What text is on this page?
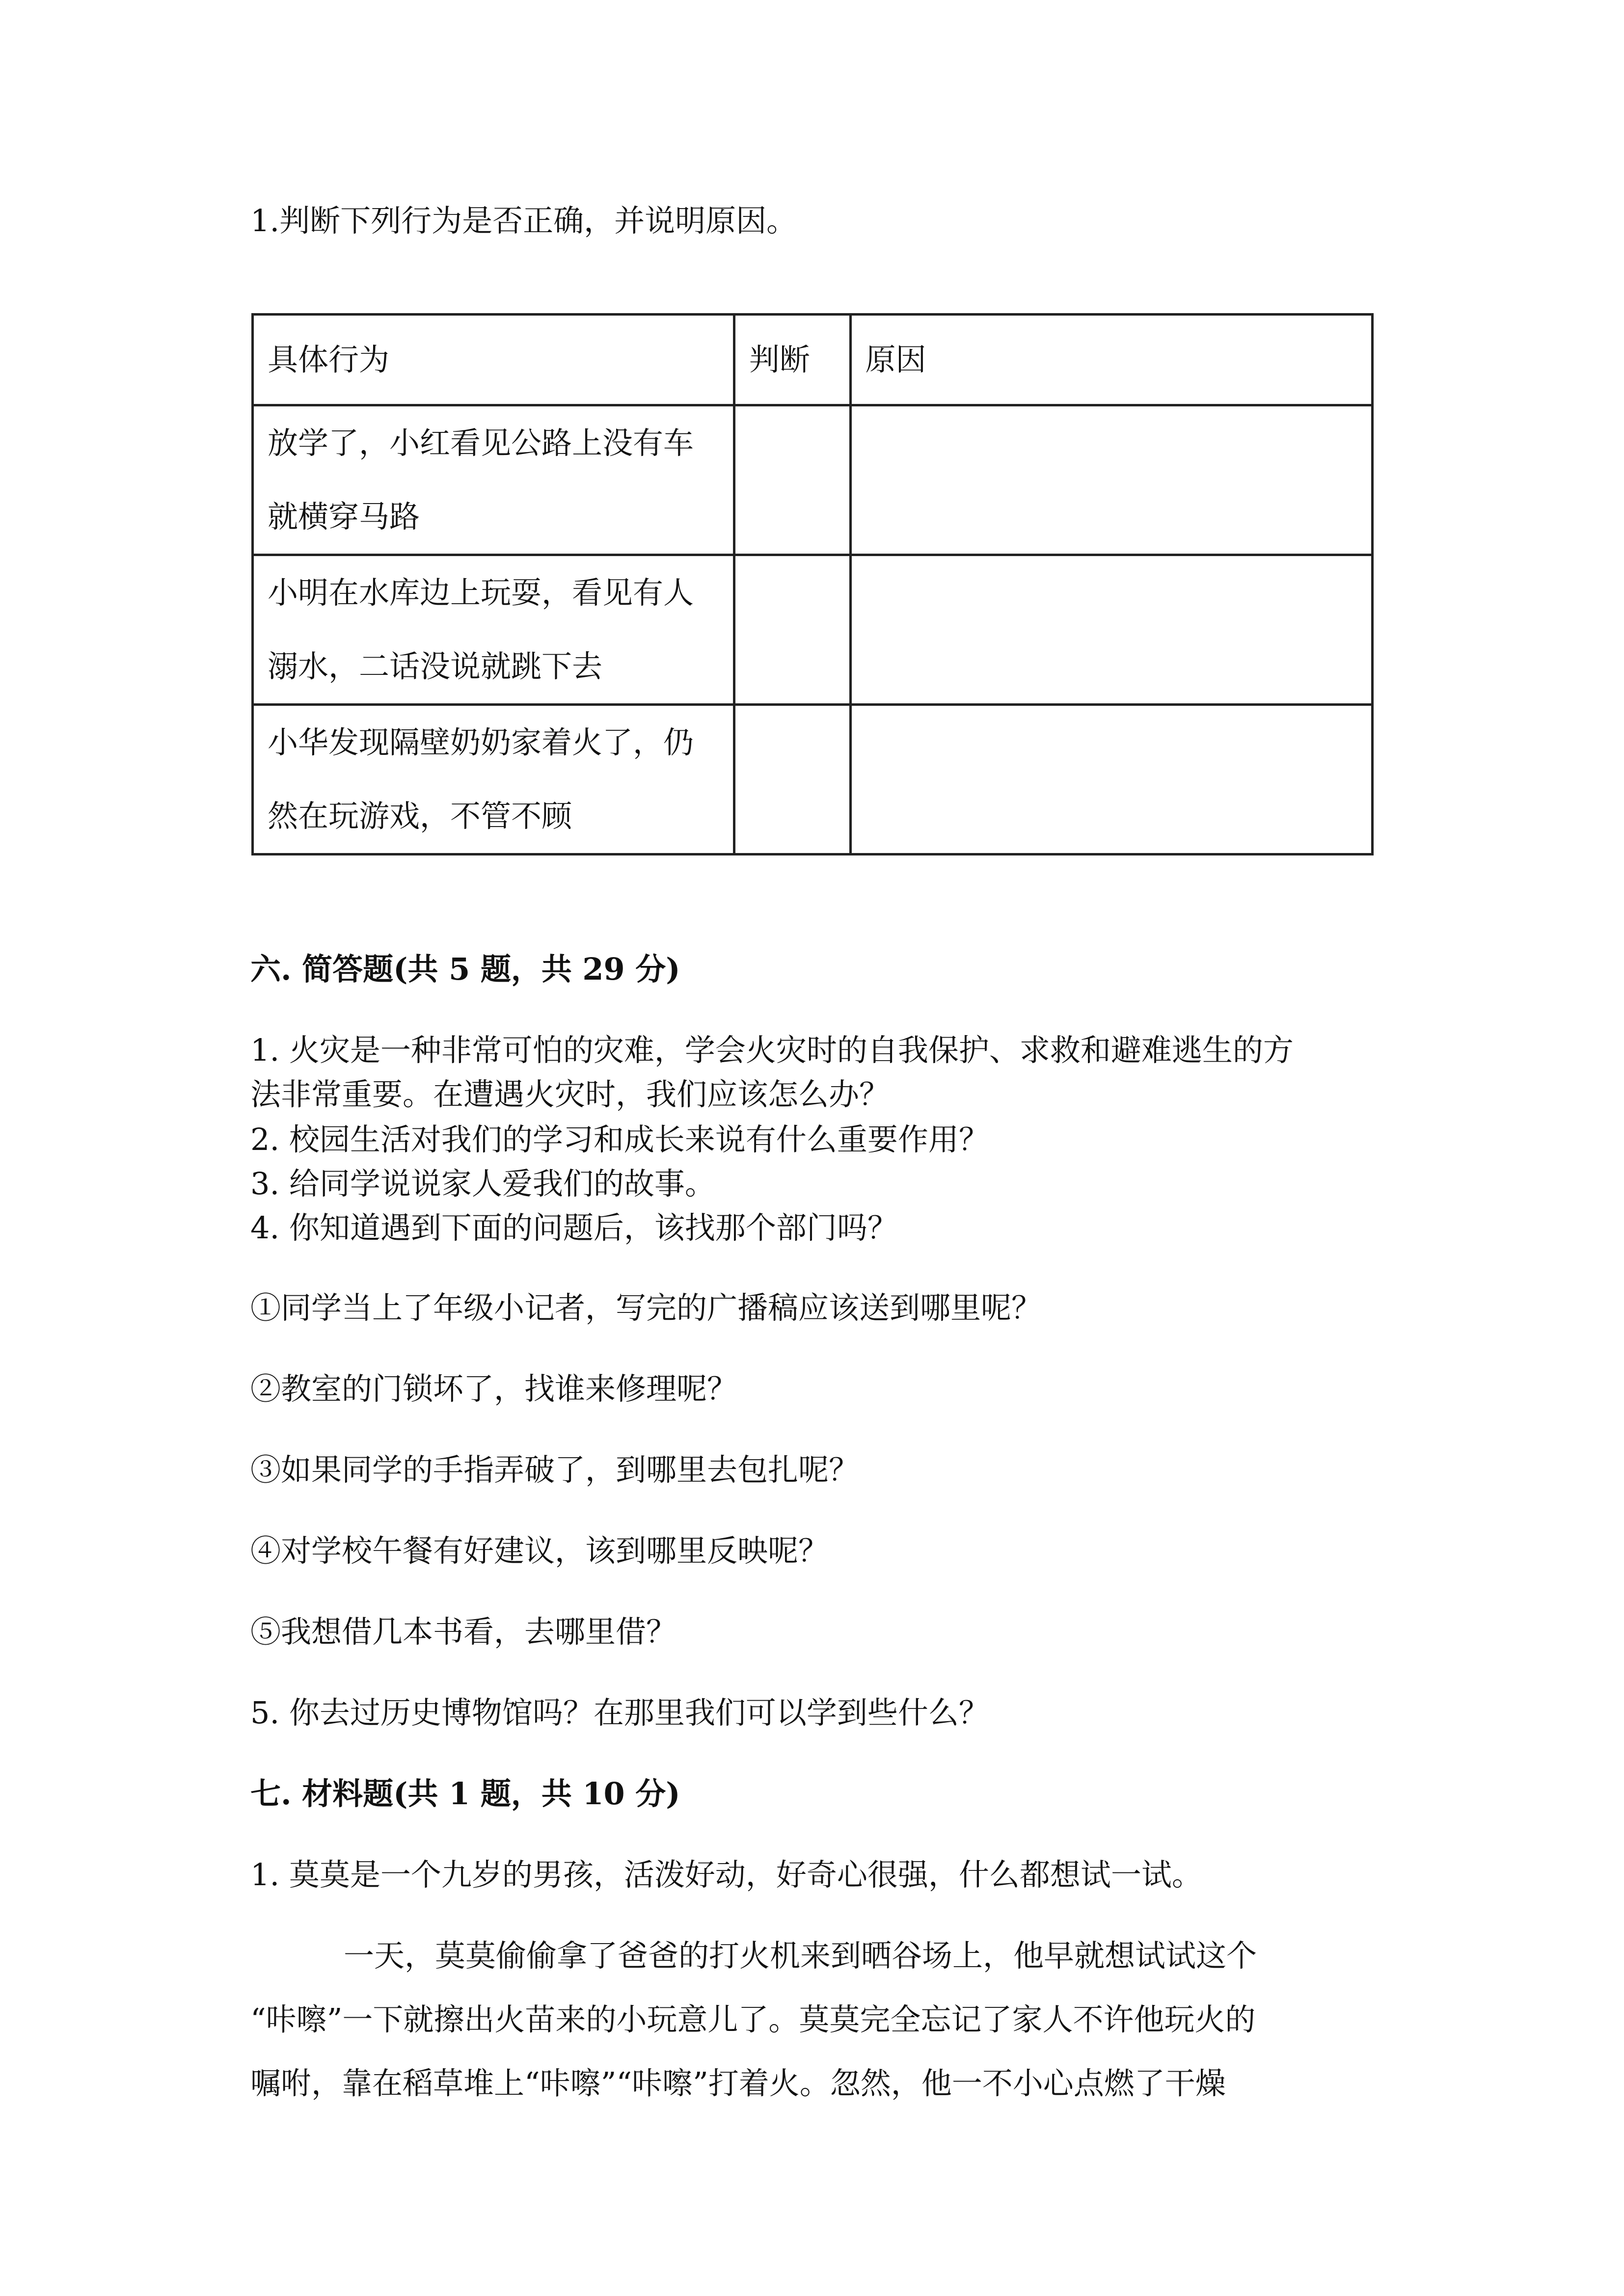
1.判断下列行为是否正确，并说明原因。
具体行为	判断	原因

放学了，小红看见公路上没有车
就横穿马路		

小明在水库边上玩耍，看见有人
溺水，二话没说就跳下去		

小华发现隔壁奶奶家着火了，仍
然在玩游戏，不管不顾		

六. 简答题(共 5 题，共 29 分)
1. 火灾是一种非常可怕的灾难，学会火灾时的自我保护、求救和避难逃生的方
法非常重要。在遭遇火灾时，我们应该怎么办？
2. 校园生活对我们的学习和成长来说有什么重要作用？
3. 给同学说说家人爱我们的故事。
4. 你知道遇到下面的问题后，该找那个部门吗？
①同学当上了年级小记者，写完的广播稿应该送到哪里呢？
②教室的门锁坏了，找谁来修理呢？
③如果同学的手指弄破了，到哪里去包扎呢？
④对学校午餐有好建议，该到哪里反映呢？
⑤我想借几本书看，去哪里借？
5. 你去过历史博物馆吗？在那里我们可以学到些什么？
七. 材料题(共 1 题，共 10 分)
1. 莫莫是一个九岁的男孩，活泼好动，好奇心很强，什么都想试一试。
一天，莫莫偷偷拿了爸爸的打火机来到晒谷场上，他早就想试试这个
“咔嚓”一下就擦出火苗来的小玩意儿了。莫莫完全忘记了家人不许他玩火的
嘱咐，靠在稻草堆上“咔嚓”“咔嚓”打着火。忽然，他一不小心点燃了干燥
